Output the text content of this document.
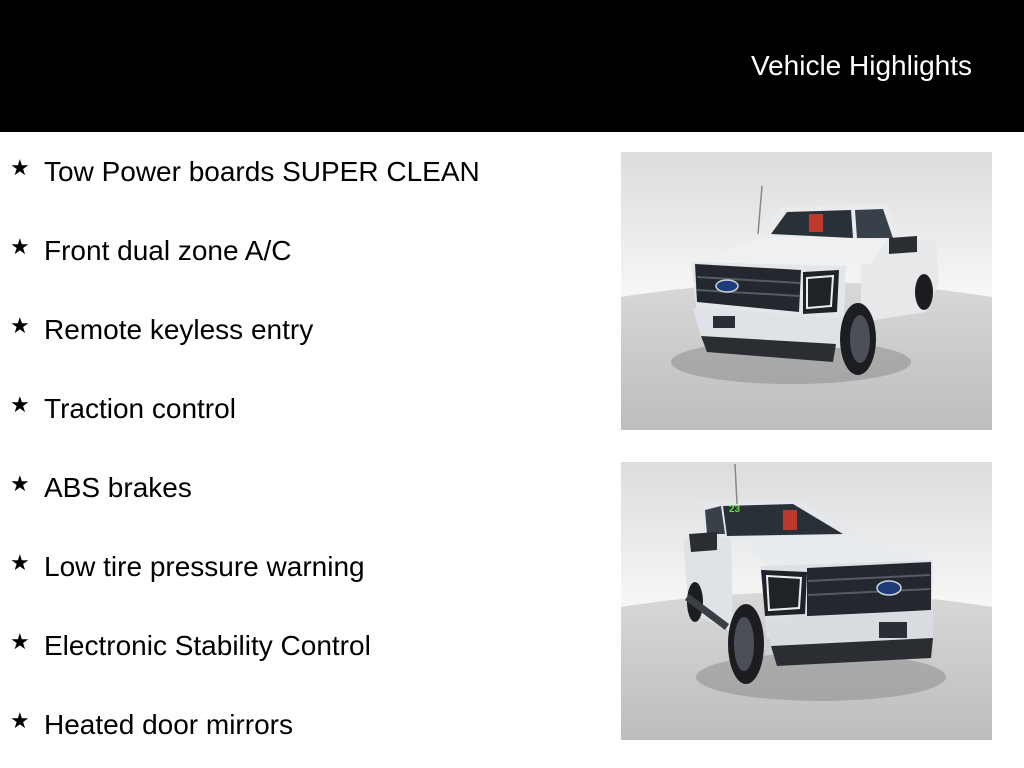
Vehicle Highlights
★ Tow Power boards SUPER CLEAN
★ Front dual zone A/C
★ Remote keyless entry
★ Traction control
★ ABS brakes
★ Low tire pressure warning
★ Electronic Stability Control
★ Heated door mirrors
23
